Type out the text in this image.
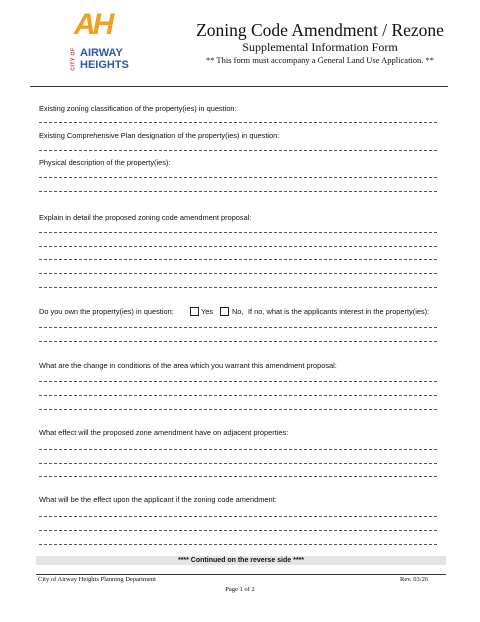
AH
CITY OF AIRWAY
HEIGHTS
Zoning Code Amendment / Rezone
Supplemental Information Form
** This form must accompany a General Land Use Application. **
Existing zoning classification of the property(ies) in question:
Existing Comprehensive Plan designation of the property(ies) in question:
Physical description of the property(ies):
Explain in detail the proposed zoning code amendment proposal:
Do you own the property(ies) in question:	Yes	No, If no, what is the applicants interest in the property(ies):
What are the change in conditions of the area which you warrant this amendment proposal:
What effect will the proposed zone amendment have on adjacent properties:
What will be the effect upon the applicant if the zoning code amendment:
**** Continued on the reverse side ****
City of Airway Heights Planning Department	Rev. 03/26
Page 1 of 2
